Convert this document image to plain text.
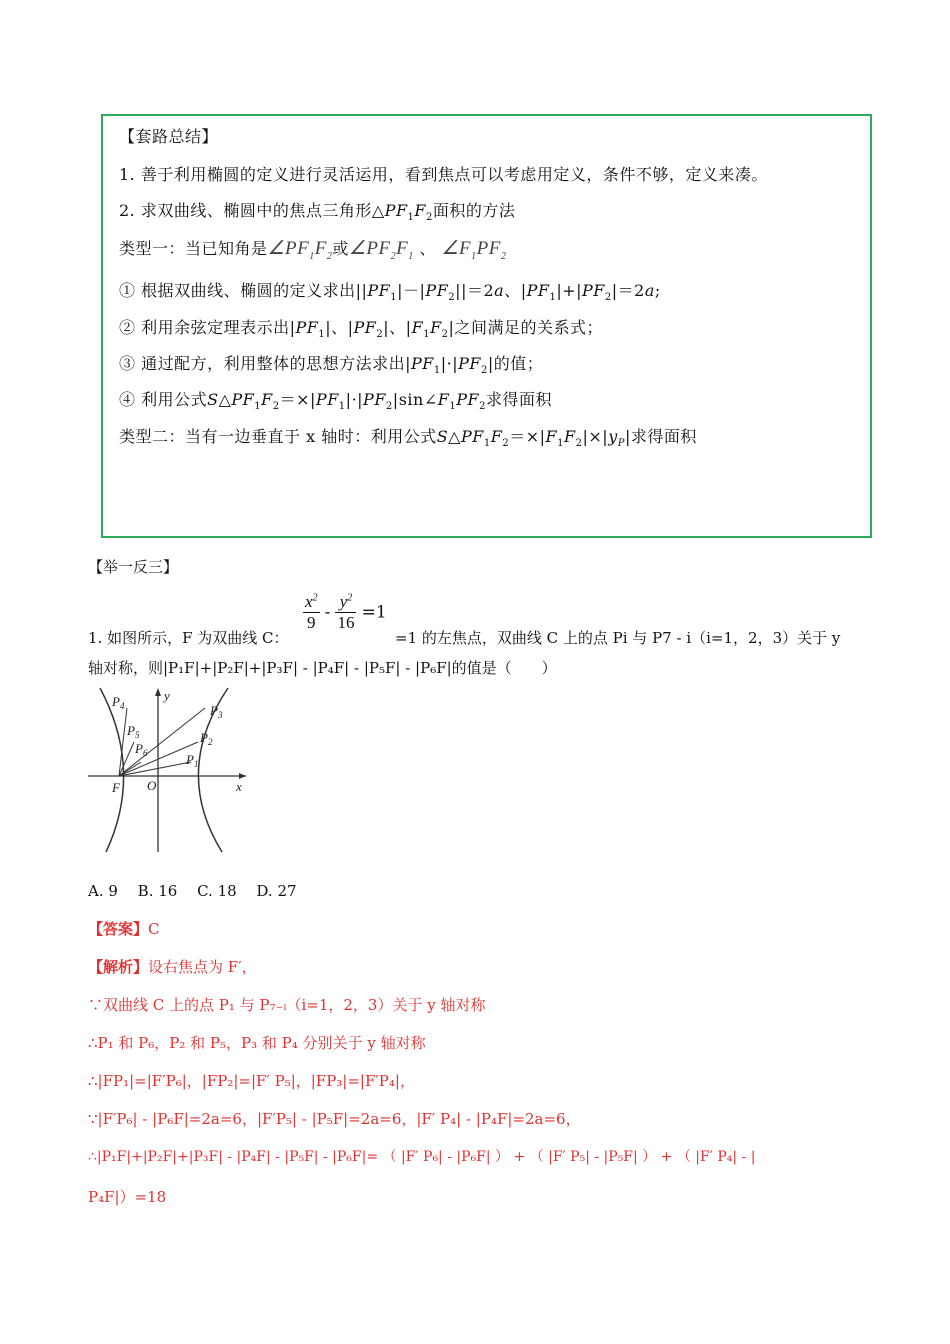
【套路总结】
1. 善于利用椭圆的定义进行灵活运用，看到焦点可以考虑用定义，条件不够，定义来凑。
2. 求双曲线、椭圆中的焦点三角形$\triangle PF_1F_2$面积的方法
类型一：当已知角是$\angle PF_1F_2$或$\angle PF_2F_1$ 、 $\angle F_1PF_2$
① 根据双曲线、椭圆的定义求出$||PF_1|-|PF_2||=2a$、$|PF_1|+|PF_2|=2a$;
② 利用余弦定理表示出$|PF_1|$、$|PF_2|$、$|F_1F_2|$之间满足的关系式；
③ 通过配方，利用整体的思想方法求出$|PF_1|\cdot|PF_2|$的值；
④ 利用公式$S\triangle PF_1F_2=\times|PF_1|\cdot|PF_2|\sin\angle F_1PF_2$求得面积
类型二：当有一边垂直于 x 轴时：利用公式$S\triangle PF_1F_2=\times|F_1F_2|\times|y_P|$求得面积
【举一反三】
$\frac{x^2}{9} - \frac{y^2}{16} =1$
1. 如图所示，F 为双曲线 C：	=1 的左焦点，双曲线 C 上的点 Pi 与 P7 - i（i=1，2，3）关于 y
轴对称，则|P₁F|+|P₂F|+|P₃F| - |P₄F| - |P₅F| - |P₆F|的值是（　　）
y
x
O
F
$P_4$
$P_5$
$P_6$
$P_3$
$P_2$
$P_1$
A. 9　 B. 16　 C. 18　 D. 27
【答案】C
【解析】设右焦点为 F′，
∵双曲线 C 上的点 P₁ 与 P₇₋ᵢ（i=1，2，3）关于 y 轴对称
∴P₁ 和 P₆，P₂ 和 P₅，P₃ 和 P₄ 分别关于 y 轴对称
∴|FP₁|=|F′P₆|，|FP₂|=|F′ P₅|，|FP₃|=|F′P₄|，
∵|F′P₆| - |P₆F|=2a=6，|F′P₅| - |P₅F|=2a=6，|F′ P₄| - |P₄F|=2a=6，
∴|P₁F|+|P₂F|+|P₃F| - |P₄F| - |P₅F| - |P₆F|= （ |F′ P₆| - |P₆F| ） + （ |F′ P₅| - |P₅F| ） + （ |F′ P₄| - |
P₄F|）=18
